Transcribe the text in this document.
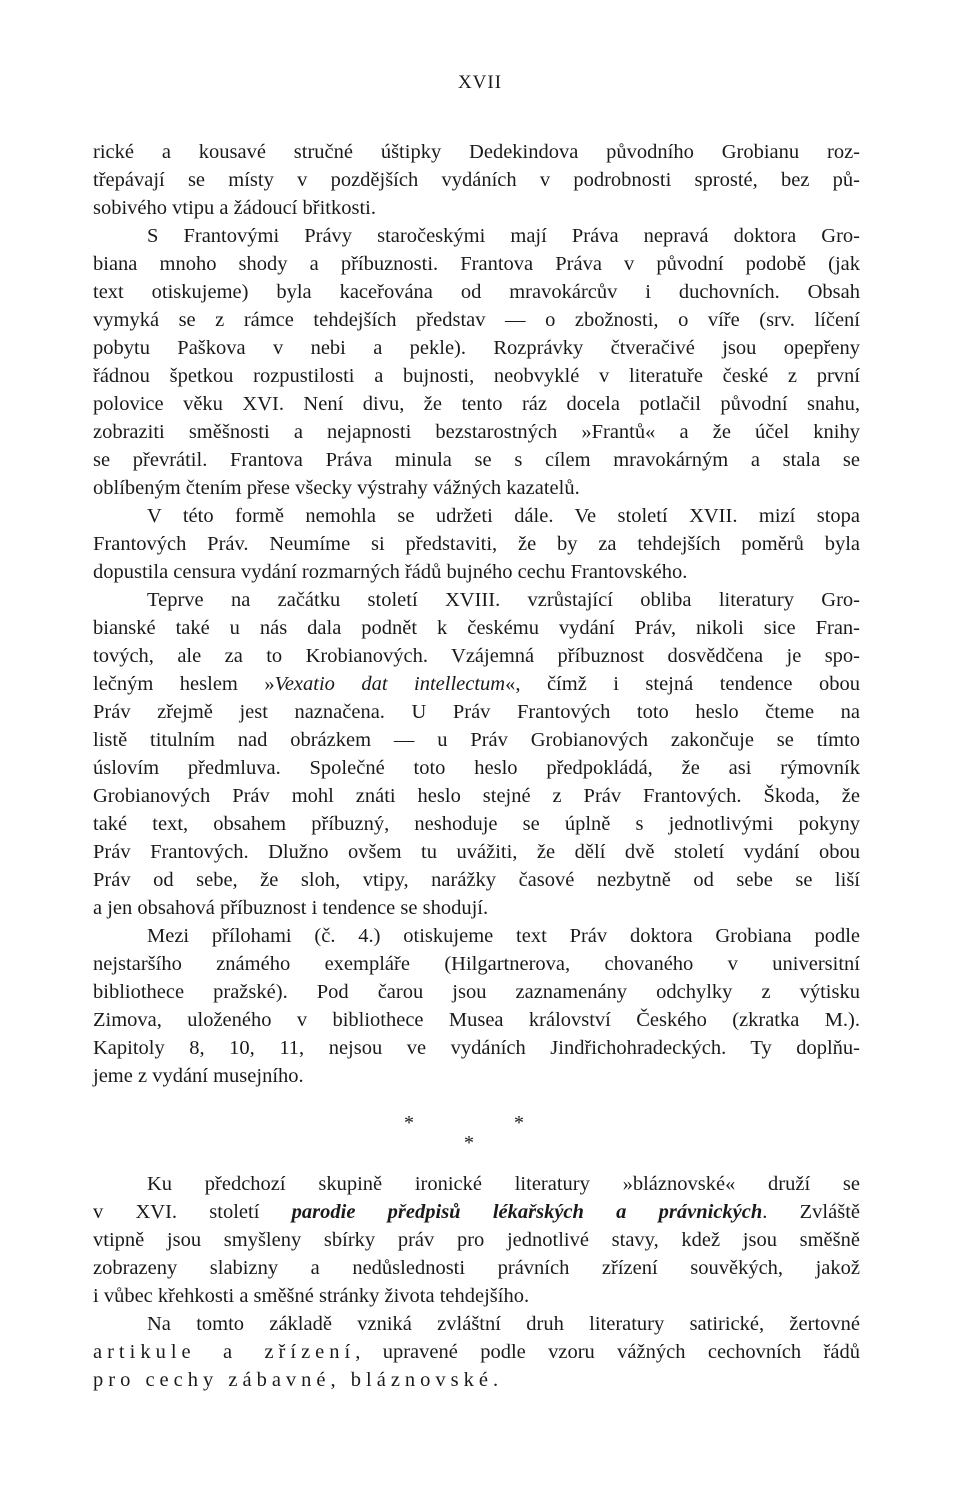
XVII
rické a kousavé stručné úštipky Dedekindova původního Grobianu roz-
třepávají se místy v pozdějších vydáních v podrobnosti sprosté, bez pů-
sobivého vtipu a žádoucí břitkosti.
S Frantovými Právy staročeskými mají Práva nepravá doktora Gro-
biana mnoho shody a příbuznosti. Frantova Práva v původní podobě (jak
text otiskujeme) byla kaceřována od mravokárcův i duchovních. Obsah
vymyká se z rámce tehdejších představ — o zbožnosti, o víře (srv. líčení
pobytu Paškova v nebi a pekle). Rozprávky čtveračivé jsou opepřeny
řádnou špetkou rozpustilosti a bujnosti, neobvyklé v literatuře české z první
polovice věku XVI. Není divu, že tento ráz docela potlačil původní snahu,
zobraziti směšnosti a nejapnosti bezstarostných »Frantů« a že účel knihy
se převrátil. Frantova Práva minula se s cílem mravokárným a stala se
oblíbeným čtením přese všecky výstrahy vážných kazatelů.
V této formě nemohla se udržeti dále. Ve století XVII. mizí stopa
Frantových Práv. Neumíme si představiti, že by za tehdejších poměrů byla
dopustila censura vydání rozmarných řádů bujného cechu Frantovského.
Teprve na začátku století XVIII. vzrůstající obliba literatury Gro-
bianské také u nás dala podnět k českému vydání Práv, nikoli sice Fran-
tových, ale za to Krobianových. Vzájemná příbuznost dosvědčena je spo-
lečným heslem »Vexatio dat intellectum«, čímž i stejná tendence obou
Práv zřejmě jest naznačena. U Práv Frantových toto heslo čteme na
listě titulním nad obrázkem — u Práv Grobianových zakončuje se tímto
úslovím předmluva. Společné toto heslo předpokládá, že asi rýmovník
Grobianových Práv mohl znáti heslo stejné z Práv Frantových. Škoda, že
také text, obsahem příbuzný, neshoduje se úplně s jednotlivými pokyny
Práv Frantových. Dlužno ovšem tu uvážiti, že dělí dvě století vydání obou
Práv od sebe, že sloh, vtipy, narážky časové nezbytně od sebe se liší
a jen obsahová příbuznost i tendence se shodují.
Mezi přílohami (č. 4.) otiskujeme text Práv doktora Grobiana podle
nejstaršího známého exempláře (Hilgartnerova, chovaného v universitní
bibliothece pražské). Pod čarou jsou zaznamenány odchylky z výtisku
Zimova, uloženého v bibliothece Musea království Českého (zkratka M.).
Kapitoly 8, 10, 11, nejsou ve vydáních Jindřichohradeckých. Ty doplňu-
jeme z vydání musejního.
*	*
*
Ku předchozí skupině ironické literatury »bláznovské« druží se
v XVI. století parodie předpisů lékařských a právnických. Zvláště
vtipně jsou smyšleny sbírky práv pro jednotlivé stavy, kdež jsou směšně
zobrazeny slabizny a nedůslednosti právních zřízení souvěkých, jakož
i vůbec křehkosti a směšné stránky života tehdejšího.
Na tomto základě vzniká zvláštní druh literatury satirické, žertovné
artikule a zřízení, upravené podle vzoru vážných cechovních řádů
pro cechy zábavné, bláznovské.
